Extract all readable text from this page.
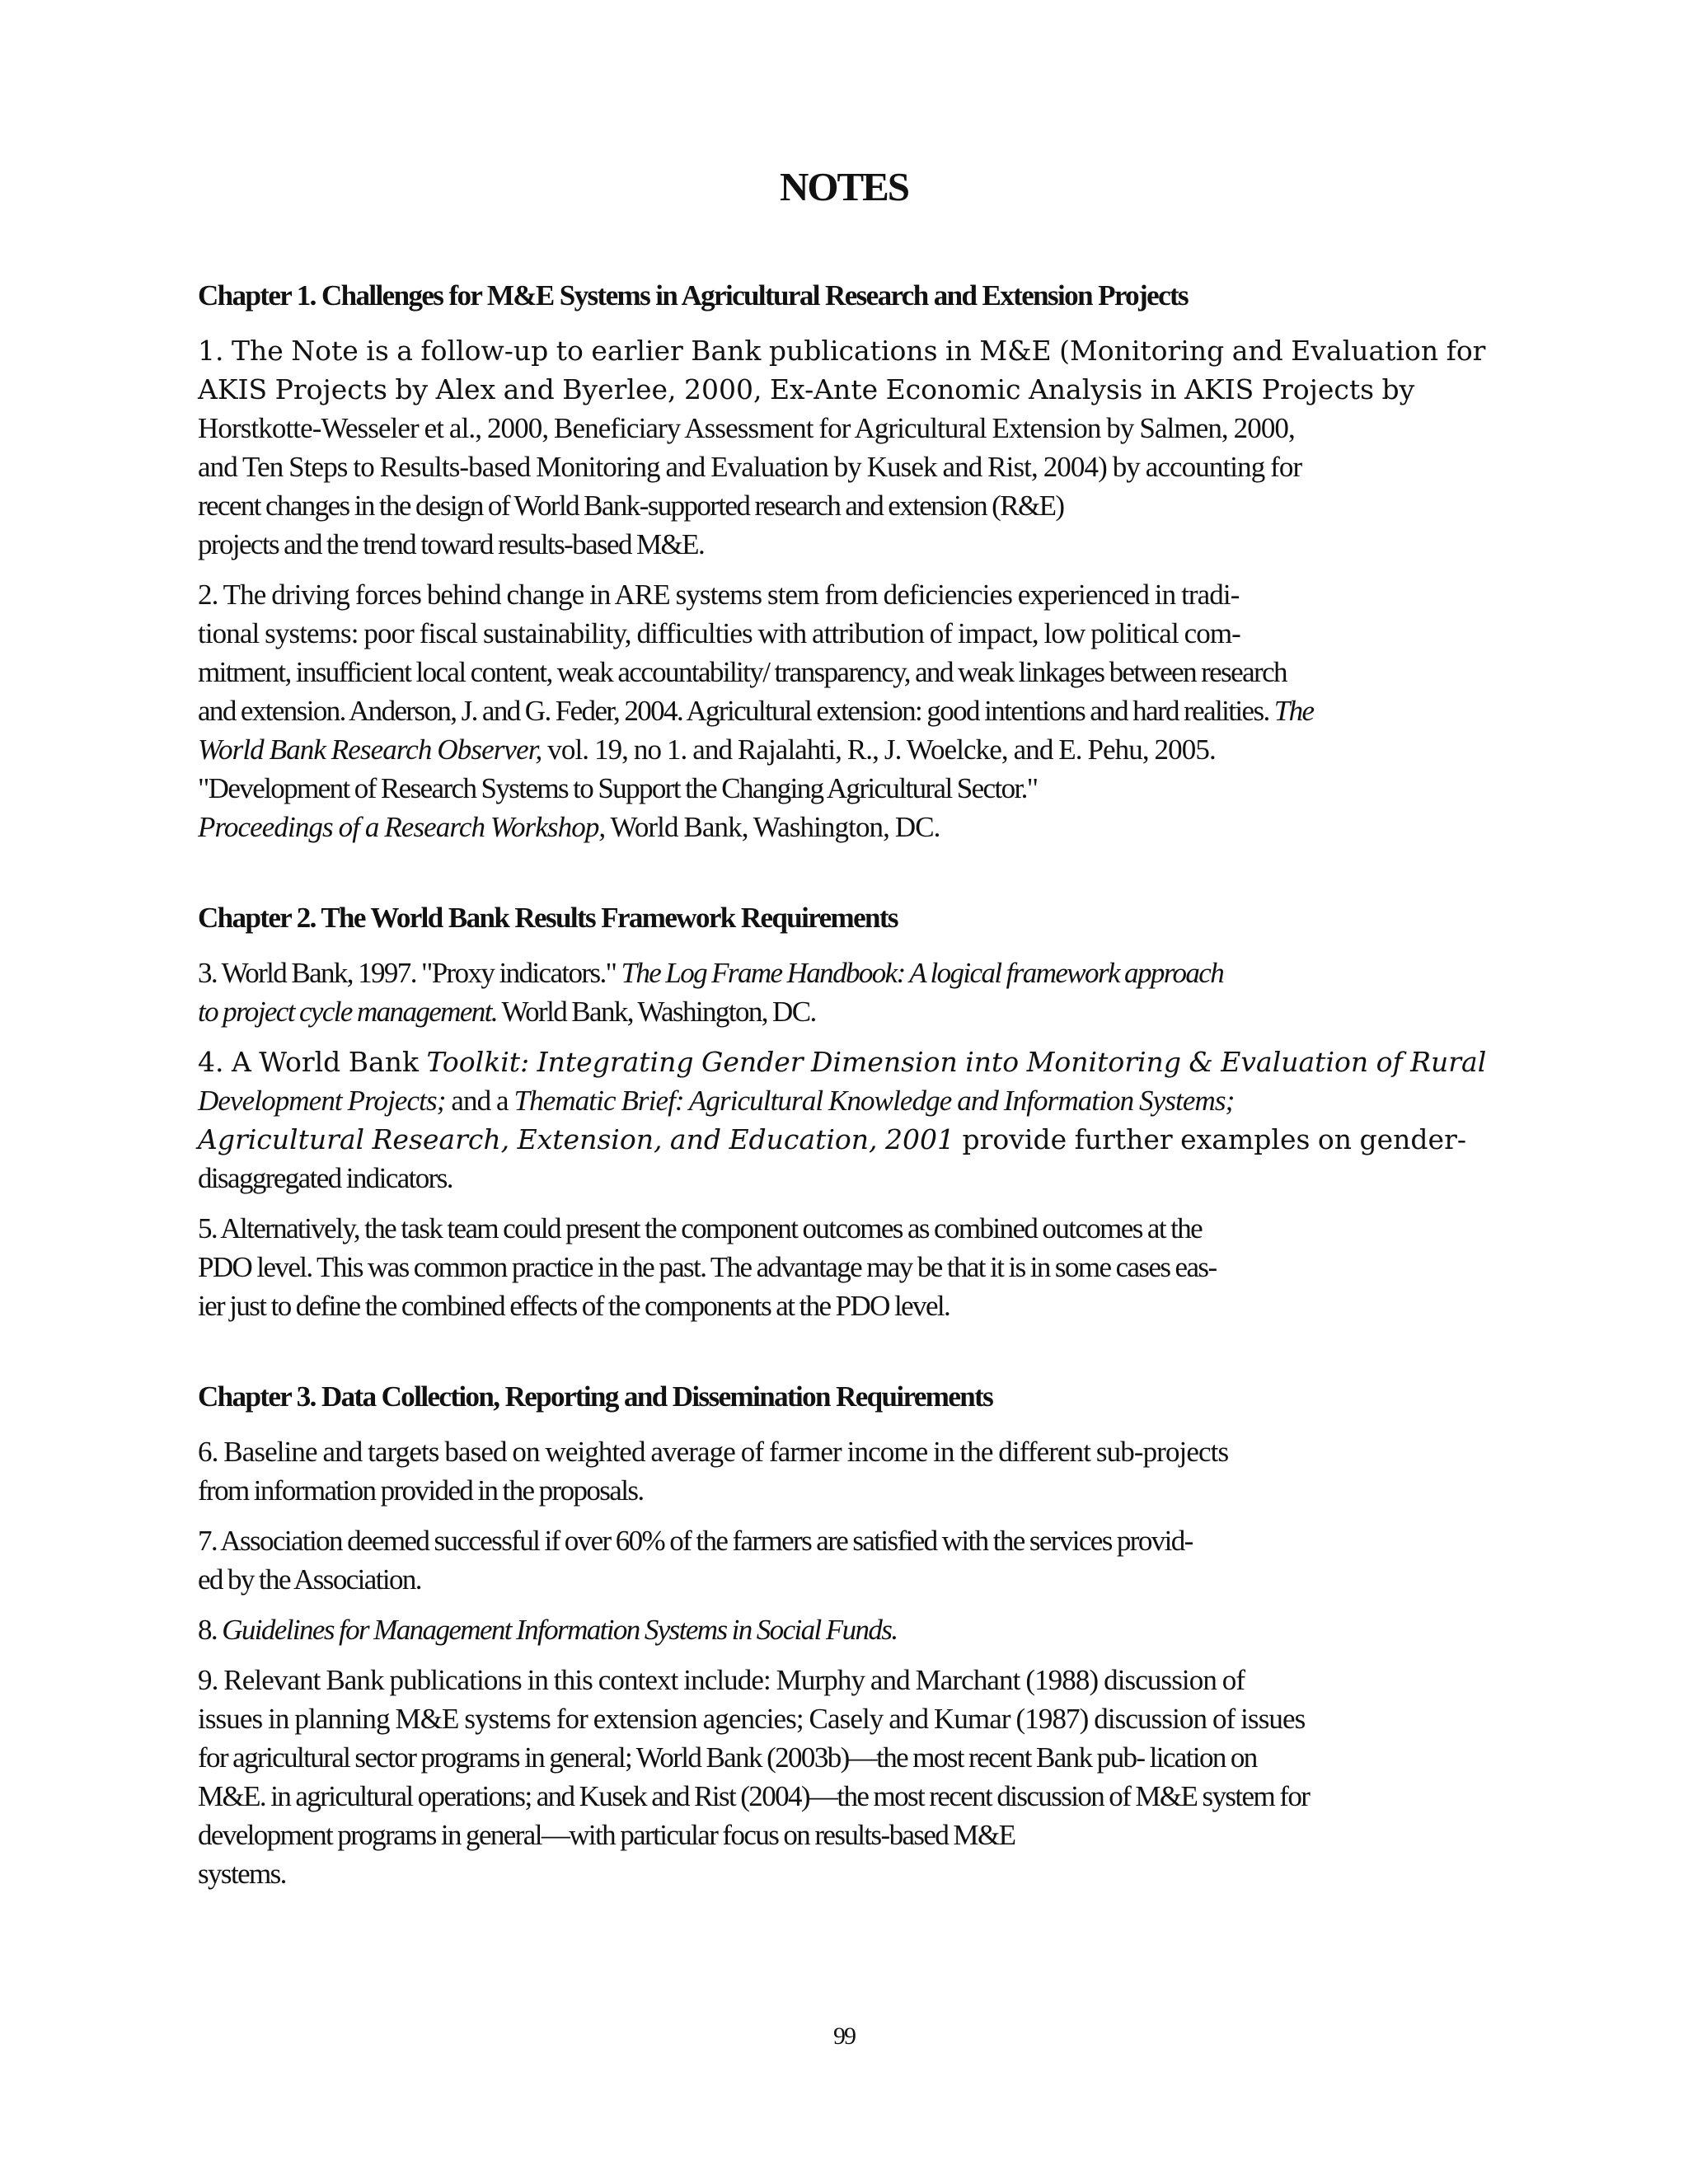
NOTES
Chapter 1. Challenges for M&E Systems in Agricultural Research and Extension Projects

1. The Note is a follow-up to earlier Bank publications in M&E (Monitoring and Evaluation for
AKIS Projects by Alex and Byerlee, 2000, Ex-Ante Economic Analysis in AKIS Projects by
Horstkotte-Wesseler et al., 2000, Beneficiary Assessment for Agricultural Extension by Salmen, 2000,
and Ten Steps to Results-based Monitoring and Evaluation by Kusek and Rist, 2004) by accounting for
recent changes in the design of World Bank-supported research and extension (R&E)
projects and the trend toward results-based M&E.

2. The driving forces behind change in ARE systems stem from deficiencies experienced in tradi-
tional systems: poor fiscal sustainability, difficulties with attribution of impact, low political com-
mitment, insufficient local content, weak accountability/ transparency, and weak linkages between research
and extension. Anderson, J. and G. Feder, 2004. Agricultural extension: good intentions and hard realities. The
World Bank Research Observer, vol. 19, no 1. and Rajalahti, R., J. Woelcke, and E. Pehu, 2005.
"Development of Research Systems to Support the Changing Agricultural Sector."
Proceedings of a Research Workshop, World Bank, Washington, DC.

Chapter 2. The World Bank Results Framework Requirements

3. World Bank, 1997. "Proxy indicators." The Log Frame Handbook: A logical framework approach
to project cycle management. World Bank, Washington, DC.

4. A World Bank Toolkit: Integrating Gender Dimension into Monitoring & Evaluation of Rural
Development Projects; and a Thematic Brief: Agricultural Knowledge and Information Systems;
Agricultural Research, Extension, and Education, 2001 provide further examples on gender-
disaggregated indicators.

5. Alternatively, the task team could present the component outcomes as combined outcomes at the
PDO level. This was common practice in the past. The advantage may be that it is in some cases eas-
ier just to define the combined effects of the components at the PDO level.

Chapter 3. Data Collection, Reporting and Dissemination Requirements

6. Baseline and targets based on weighted average of farmer income in the different sub-projects
from information provided in the proposals.

7. Association deemed successful if over 60% of the farmers are satisfied with the services provid-
ed by the Association.

8. Guidelines for Management Information Systems in Social Funds.

9. Relevant Bank publications in this context include: Murphy and Marchant (1988) discussion of
issues in planning M&E systems for extension agencies; Casely and Kumar (1987) discussion of issues
for agricultural sector programs in general; World Bank (2003b)—the most recent Bank pub- lication on
M&E. in agricultural operations; and Kusek and Rist (2004)—the most recent discussion of M&E system for
development programs in general—with particular focus on results-based M&E
systems.

99
